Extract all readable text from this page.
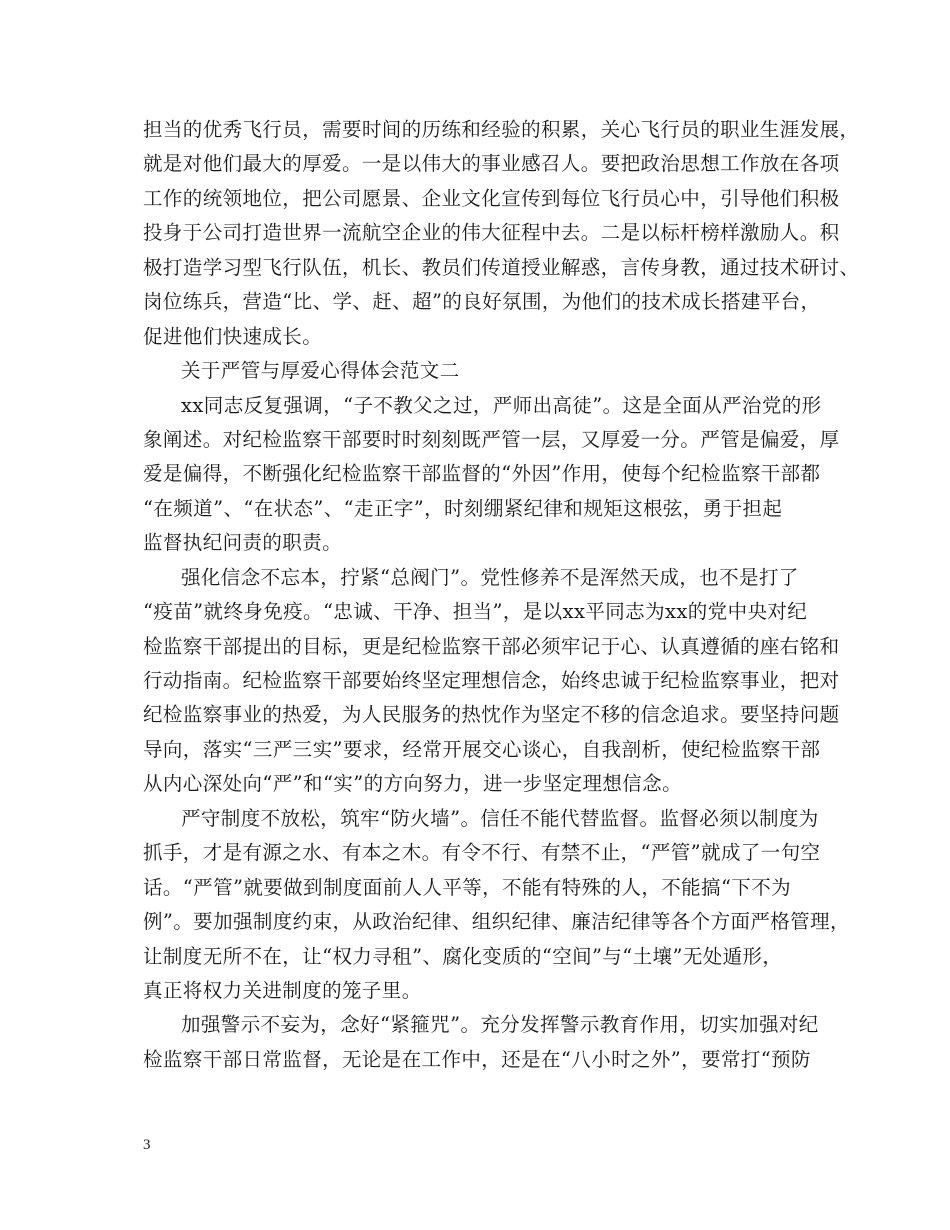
担当的优秀飞行员，需要时间的历练和经验的积累，关心飞行员的职业生涯发展，
就是对他们最大的厚爱。一是以伟大的事业感召人。要把政治思想工作放在各项
工作的统领地位，把公司愿景、企业文化宣传到每位飞行员心中，引导他们积极
投身于公司打造世界一流航空企业的伟大征程中去。二是以标杆榜样激励人。积
极打造学习型飞行队伍，机长、教员们传道授业解惑，言传身教，通过技术研讨、
岗位练兵，营造“比、学、赶、超”的良好氛围，为他们的技术成长搭建平台，
促进他们快速成长。
关于严管与厚爱心得体会范文二
xx同志反复强调，“子不教父之过，严师出高徒”。这是全面从严治党的形
象阐述。对纪检监察干部要时时刻刻既严管一层，又厚爱一分。严管是偏爱，厚
爱是偏得，不断强化纪检监察干部监督的“外因”作用，使每个纪检监察干部都
“在频道”、“在状态”、“走正字”，时刻绷紧纪律和规矩这根弦，勇于担起
监督执纪问责的职责。
强化信念不忘本，拧紧“总阀门”。党性修养不是浑然天成，也不是打了
“疫苗”就终身免疫。“忠诚、干净、担当”，是以xx平同志为xx的党中央对纪
检监察干部提出的目标，更是纪检监察干部必须牢记于心、认真遵循的座右铭和
行动指南。纪检监察干部要始终坚定理想信念，始终忠诚于纪检监察事业，把对
纪检监察事业的热爱，为人民服务的热忱作为坚定不移的信念追求。要坚持问题
导向，落实“三严三实”要求，经常开展交心谈心，自我剖析，使纪检监察干部
从内心深处向“严”和“实”的方向努力，进一步坚定理想信念。
严守制度不放松，筑牢“防火墙”。信任不能代替监督。监督必须以制度为
抓手，才是有源之水、有本之木。有令不行、有禁不止，“严管”就成了一句空
话。“严管”就要做到制度面前人人平等，不能有特殊的人，不能搞“下不为
例”。要加强制度约束，从政治纪律、组织纪律、廉洁纪律等各个方面严格管理，
让制度无所不在，让“权力寻租”、腐化变质的“空间”与“土壤”无处遁形，
真正将权力关进制度的笼子里。
加强警示不妄为，念好“紧箍咒”。充分发挥警示教育作用，切实加强对纪
检监察干部日常监督，无论是在工作中，还是在“八小时之外”，要常打“预防
3
